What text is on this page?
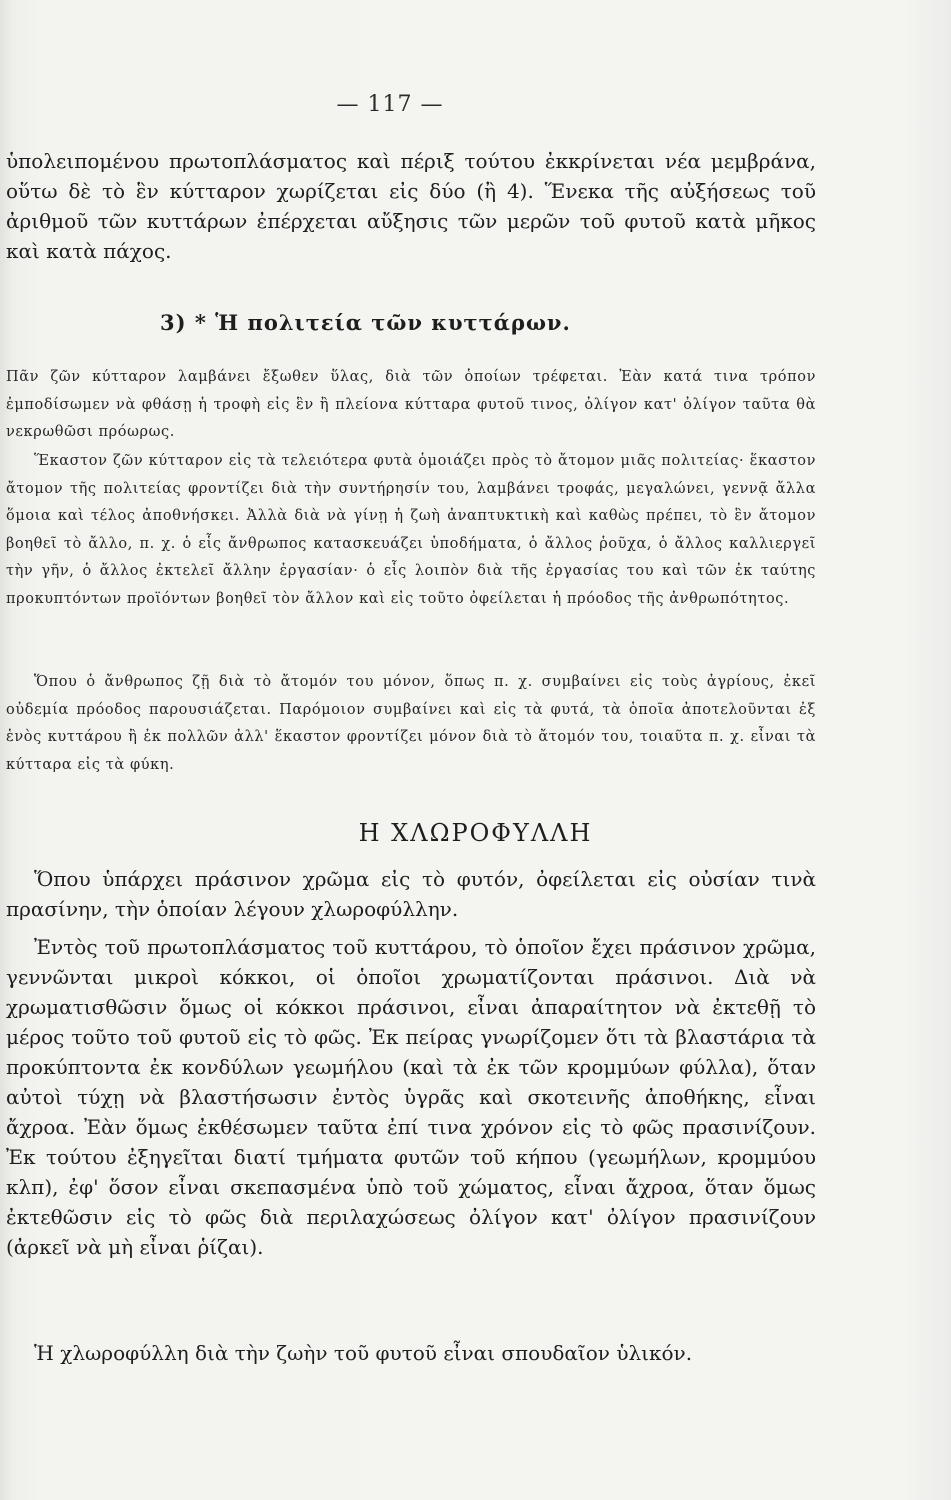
— 117 —

ὑπολειπομένου πρωτοπλάσματος καὶ πέριξ τούτου ἐκκρίνεται νέα μεμβράνα, οὕτω δὲ τὸ ἓν κύτταρον χωρίζεται εἰς δύο (ἢ 4). Ἕνεκα τῆς αὐξήσεως τοῦ ἀριθμοῦ τῶν κυττάρων ἐπέρχεται αὔξησις τῶν μερῶν τοῦ φυτοῦ κατὰ μῆκος καὶ κατὰ πάχος.

3) * Ἡ πολιτεία τῶν κυττάρων.

Πᾶν ζῶν κύτταρον λαμβάνει ἔξωθεν ὕλας, διὰ τῶν ὁποίων τρέφεται. Ἐὰν κατά τινα τρόπον ἐμποδίσωμεν νὰ φθάσῃ ἡ τροφὴ εἰς ἓν ἢ πλείονα κύτταρα φυτοῦ τινος, ὀλίγον κατ' ὀλίγον ταῦτα θὰ νεκρωθῶσι πρόωρως.

Ἕκαστον ζῶν κύτταρον εἰς τὰ τελειότερα φυτὰ ὁμοιάζει πρὸς τὸ ἄτομον μιᾶς πολιτείας· ἕκαστον ἄτομον τῆς πολιτείας φροντίζει διὰ τὴν συντήρησίν του, λαμβάνει τροφάς, μεγαλώνει, γεννᾷ ἄλλα ὅμοια καὶ τέλος ἀποθνήσκει. Ἀλλὰ διὰ νὰ γίνῃ ἡ ζωὴ ἀναπτυκτικὴ καὶ καθὼς πρέπει, τὸ ἓν ἄτομον βοηθεῖ τὸ ἄλλο, π. χ. ὁ εἷς ἄνθρωπος κατασκευάζει ὑποδήματα, ὁ ἄλλος ῥοῦχα, ὁ ἄλλος καλλιεργεῖ τὴν γῆν, ὁ ἄλλος ἐκτελεῖ ἄλλην ἐργασίαν· ὁ εἷς λοιπὸν διὰ τῆς ἐργασίας του καὶ τῶν ἐκ ταύτης προκυπτόντων προϊόντων βοηθεῖ τὸν ἄλλον καὶ εἰς τοῦτο ὀφείλεται ἡ πρόοδος τῆς ἀνθρωπότητος.

Ὅπου ὁ ἄνθρωπος ζῇ διὰ τὸ ἄτομόν του μόνον, ὅπως π. χ. συμβαίνει εἰς τοὺς ἀγρίους, ἐκεῖ οὐδεμία πρόοδος παρουσιάζεται. Παρόμοιον συμβαίνει καὶ εἰς τὰ φυτά, τὰ ὁποῖα ἀποτελοῦνται ἐξ ἑνὸς κυττάρου ἢ ἐκ πολλῶν ἀλλ' ἕκαστον φροντίζει μόνον διὰ τὸ ἄτομόν του, τοιαῦτα π. χ. εἶναι τὰ κύτταρα εἰς τὰ φύκη.

Η ΧΛΩΡΟΦΥΛΛΗ

Ὅπου ὑπάρχει πράσινον χρῶμα εἰς τὸ φυτόν, ὀφείλεται εἰς οὐσίαν τινὰ πρασίνην, τὴν ὁποίαν λέγουν χλωροφύλλην.

Ἐντὸς τοῦ πρωτοπλάσματος τοῦ κυττάρου, τὸ ὁποῖον ἔχει πράσινον χρῶμα, γεννῶνται μικροὶ κόκκοι, οἱ ὁποῖοι χρωματίζονται πράσινοι. Διὰ νὰ χρωματισθῶσιν ὅμως οἱ κόκκοι πράσινοι, εἶναι ἀπαραίτητον νὰ ἐκτεθῇ τὸ μέρος τοῦτο τοῦ φυτοῦ εἰς τὸ φῶς. Ἐκ πείρας γνωρίζομεν ὅτι τὰ βλαστάρια τὰ προκύπτοντα ἐκ κονδύλων γεωμήλου (καὶ τὰ ἐκ τῶν κρομμύων φύλλα), ὅταν αὐτοὶ τύχῃ νὰ βλαστήσωσιν ἐντὸς ὑγρᾶς καὶ σκοτεινῆς ἀποθήκης, εἶναι ἄχροα. Ἐὰν ὅμως ἐκθέσωμεν ταῦτα ἐπί τινα χρόνον εἰς τὸ φῶς πρασινίζουν. Ἐκ τούτου ἐξηγεῖται διατί τμήματα φυτῶν τοῦ κήπου (γεωμήλων, κρομμύου κλπ), ἐφ' ὅσον εἶναι σκεπασμένα ὑπὸ τοῦ χώματος, εἶναι ἄχροα, ὅταν ὅμως ἐκτεθῶσιν εἰς τὸ φῶς διὰ περιλαχώσεως ὀλίγον κατ' ὀλίγον πρασινίζουν (ἀρκεῖ νὰ μὴ εἶναι ῥίζαι).

Ἡ χλωροφύλλη διὰ τὴν ζωὴν τοῦ φυτοῦ εἶναι σπουδαῖον ὑλικόν.
